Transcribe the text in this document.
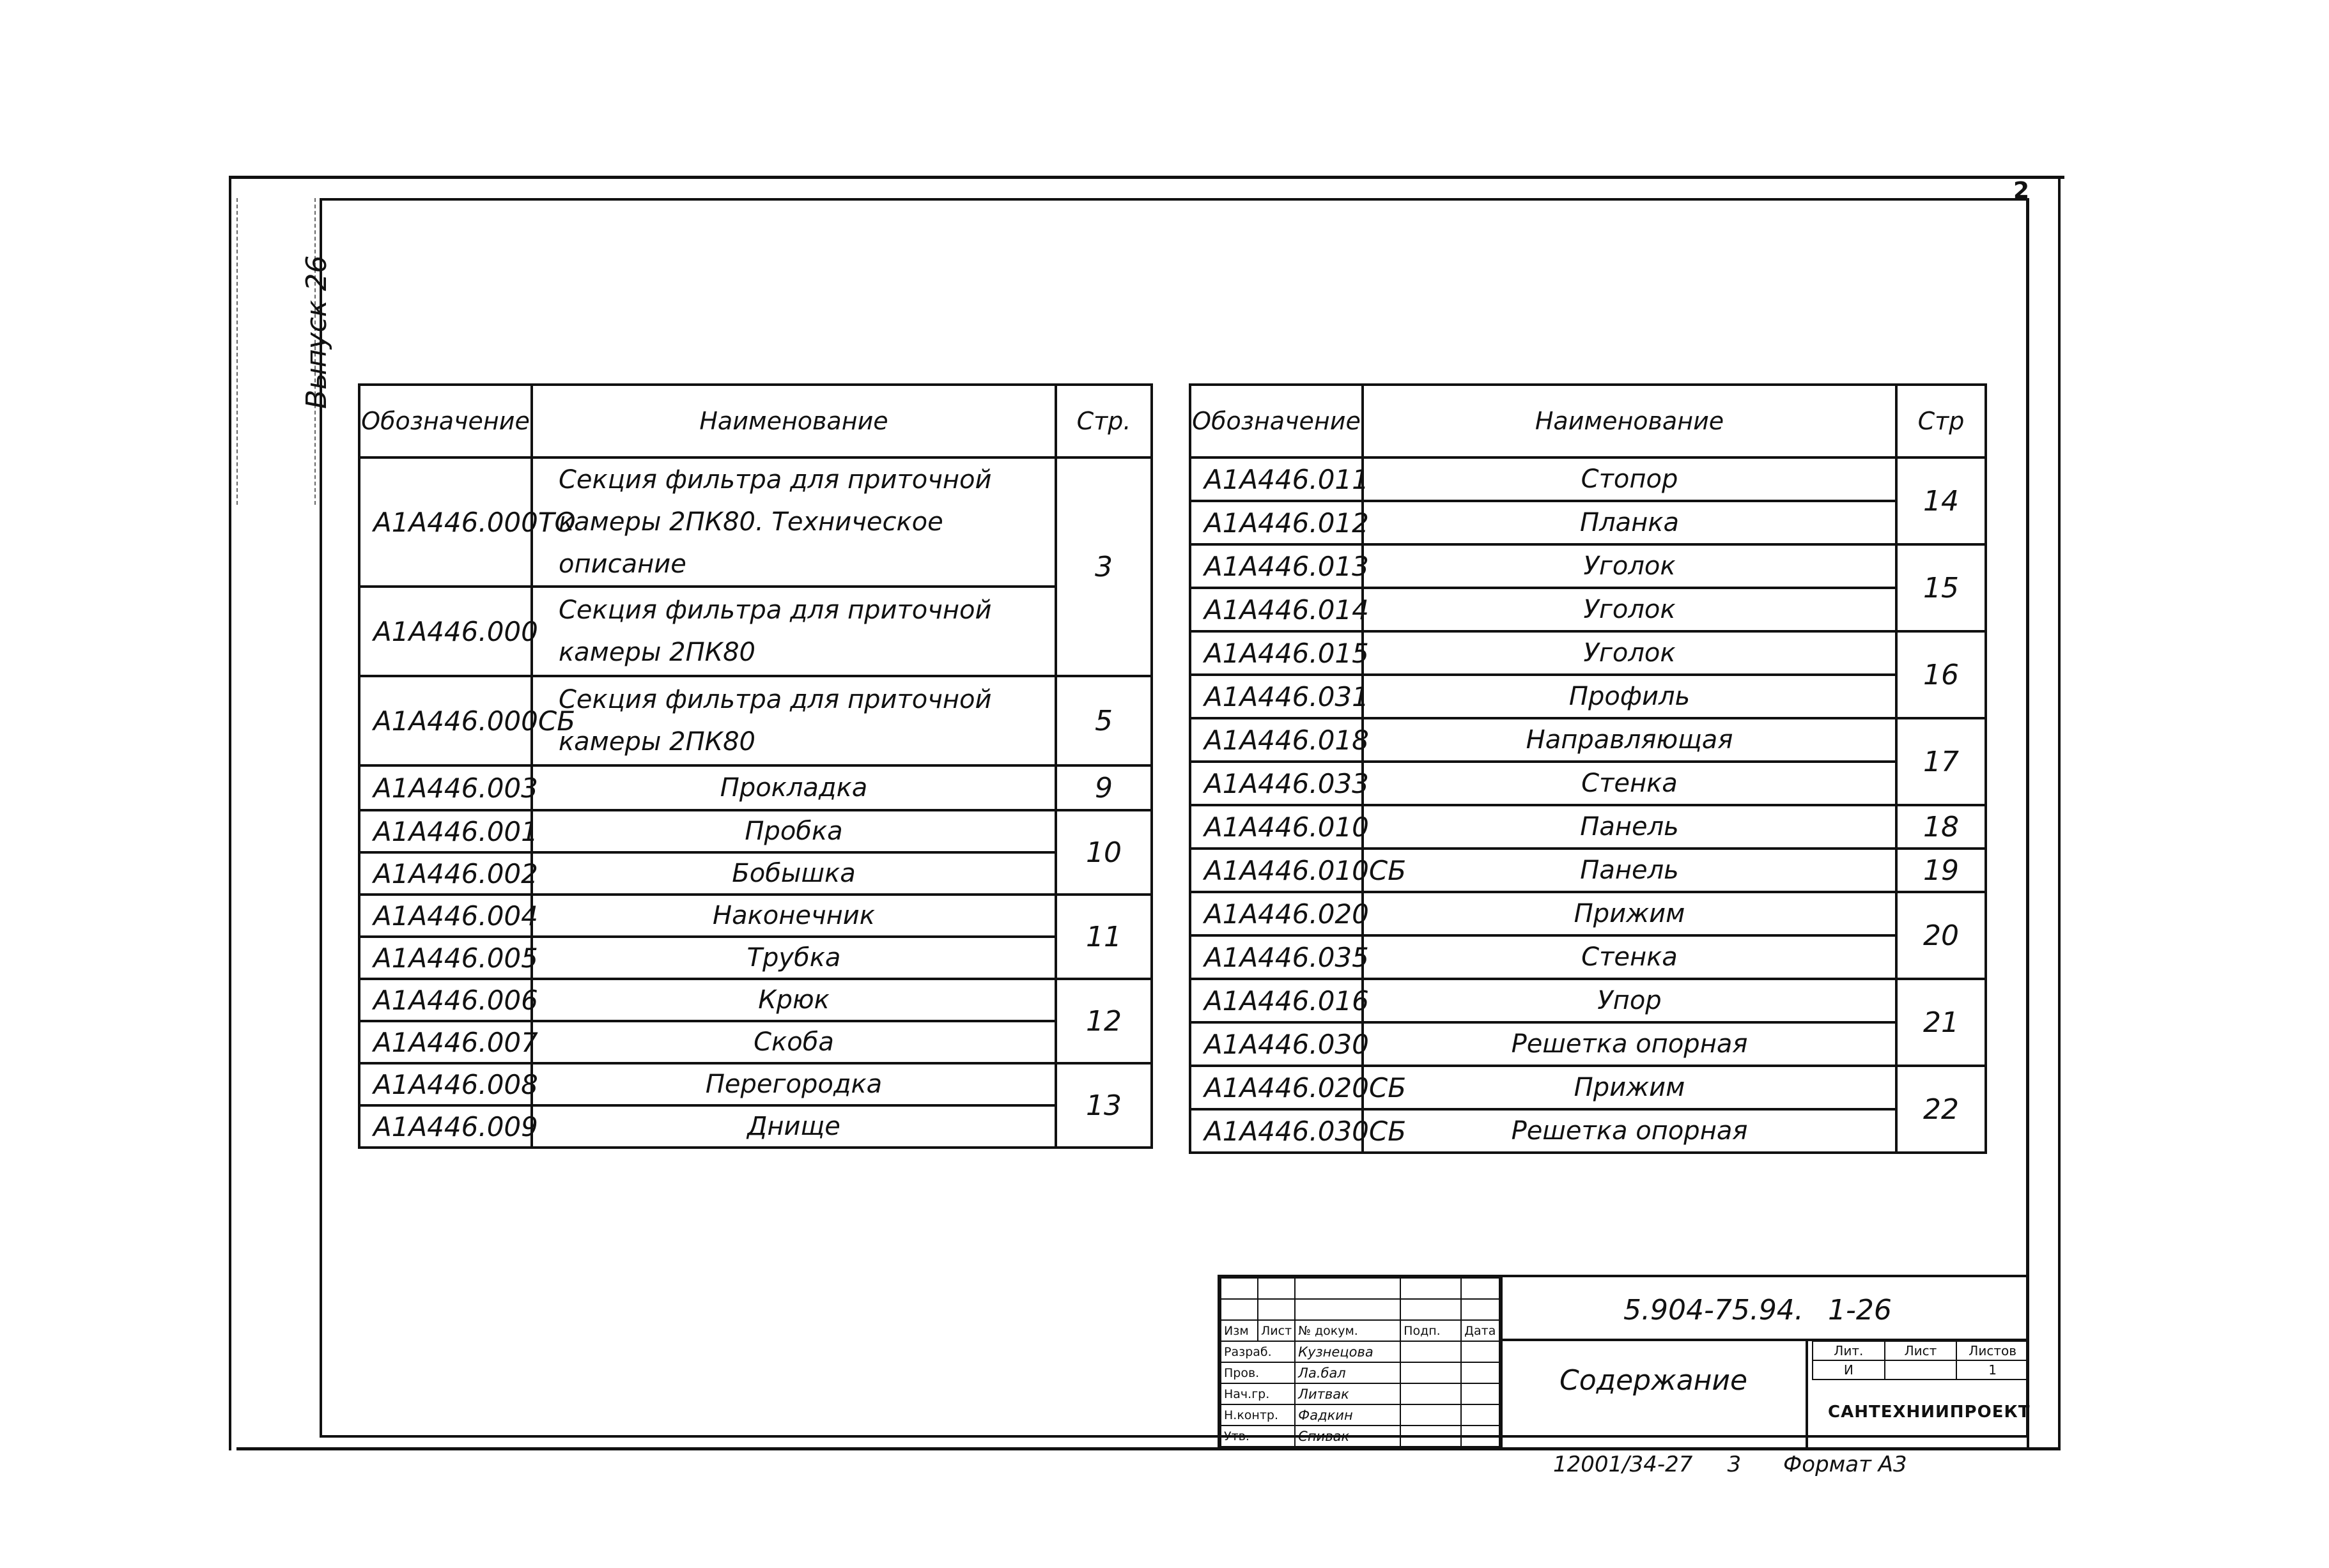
2
Выпуск 26
Обозначение	Наименование	Стр.
А1А446.000ТО	Секция фильтра для приточной камеры 2ПК80. Техническое описание	3
А1А446.000	Секция фильтра для приточной камеры 2ПК80	
А1А446.000СБ	Секция фильтра для приточной камеры 2ПК80	5
А1А446.003	Прокладка	9
А1А446.001	Пробка	10
А1А446.002	Бобышка	
А1А446.004	Наконечник	11
А1А446.005	Трубка	
А1А446.006	Крюк	12
А1А446.007	Скоба	
А1А446.008	Перегородка	13
А1А446.009	Днище	
Обозначение	Наименование	Стр
А1А446.011	Стопор	14
А1А446.012	Планка	
А1А446.013	Уголок	15
А1А446.014	Уголок	
А1А446.015	Уголок	16
А1А446.031	Профиль	
А1А446.018	Направляющая	17
А1А446.033	Стенка	
А1А446.010	Панель	18
А1А446.010СБ	Панель	19
А1А446.020	Прижим	20
А1А446.035	Стенка	
А1А446.016	Упор	21
А1А446.030	Решетка опорная	
А1А446.020СБ	Прижим	22
А1А446.030СБ	Решетка опорная	

Изм	Лист	№ докум.	Подп.	Дата
Разраб.		Кузнецова		
Пров.		Ла.бал		
Нач.гр.		Литвак		
Н.контр.		Фадкин		
Утв.		Спивак		
5.904-75.94. 1-26
Содержание
Лит.	Лист	Листов
И		1
САНТЕХНИИПРОЕКТ
12001/34-27 3 Формат А3
